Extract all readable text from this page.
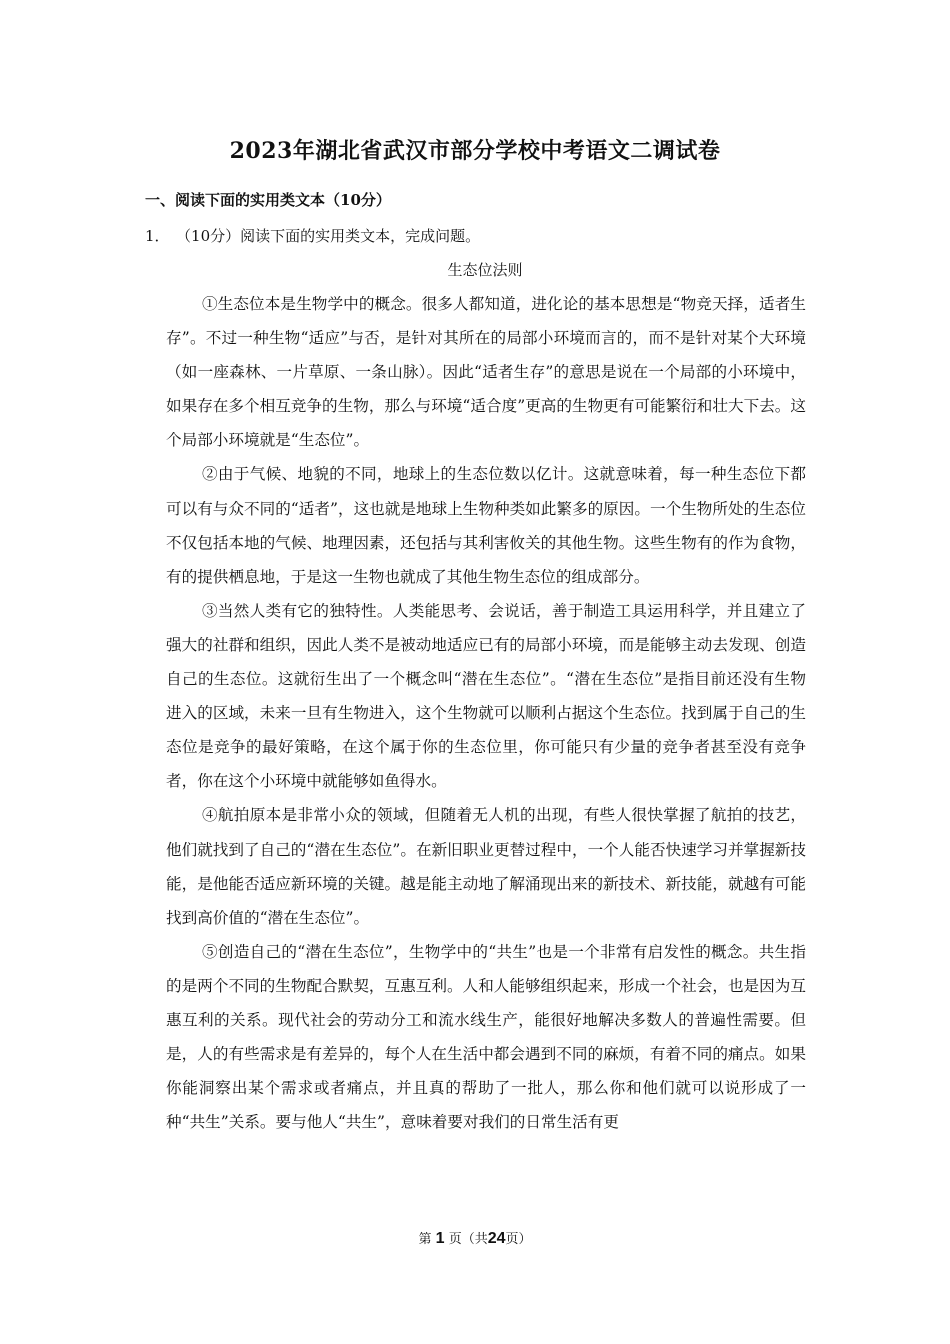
2023年湖北省武汉市部分学校中考语文二调试卷
一、阅读下面的实用类文本（10分）
1． （10分）阅读下面的实用类文本，完成问题。
生态位法则

①生态位本是生物学中的概念。很多人都知道，进化论的基本思想是“物竞天择，适者生存”。不过一种生物“适应”与否，是针对其所在的局部小环境而言的，而不是针对某个大环境（如一座森林、一片草原、一条山脉）。因此“适者生存”的意思是说在一个局部的小环境中，如果存在多个相互竞争的生物，那么与环境“适合度”更高的生物更有可能繁衍和壮大下去。这个局部小环境就是“生态位”。

②由于气候、地貌的不同，地球上的生态位数以亿计。这就意味着，每一种生态位下都可以有与众不同的“适者”，这也就是地球上生物种类如此繁多的原因。一个生物所处的生态位不仅包括本地的气候、地理因素，还包括与其利害攸关的其他生物。这些生物有的作为食物，有的提供栖息地，于是这一生物也就成了其他生物生态位的组成部分。

③当然人类有它的独特性。人类能思考、会说话，善于制造工具运用科学，并且建立了强大的社群和组织，因此人类不是被动地适应已有的局部小环境，而是能够主动去发现、创造自己的生态位。这就衍生出了一个概念叫“潜在生态位”。“潜在生态位”是指目前还没有生物进入的区域，未来一旦有生物进入，这个生物就可以顺利占据这个生态位。找到属于自己的生态位是竞争的最好策略，在这个属于你的生态位里，你可能只有少量的竞争者甚至没有竞争者，你在这个小环境中就能够如鱼得水。

④航拍原本是非常小众的领域，但随着无人机的出现，有些人很快掌握了航拍的技艺，他们就找到了自己的“潜在生态位”。在新旧职业更替过程中，一个人能否快速学习并掌握新技能，是他能否适应新环境的关键。越是能主动地了解涌现出来的新技术、新技能，就越有可能找到高价值的“潜在生态位”。

⑤创造自己的“潜在生态位”，生物学中的“共生”也是一个非常有启发性的概念。共生指的是两个不同的生物配合默契，互惠互利。人和人能够组织起来，形成一个社会，也是因为互惠互利的关系。现代社会的劳动分工和流水线生产，能很好地解决多数人的普遍性需要。但是，人的有些需求是有差异的，每个人在生活中都会遇到不同的麻烦，有着不同的痛点。如果你能洞察出某个需求或者痛点，并且真的帮助了一批人，那么你和他们就可以说形成了一种“共生”关系。要与他人“共生”，意味着要对我们的日常生活有更

第 1 页（共24页）
